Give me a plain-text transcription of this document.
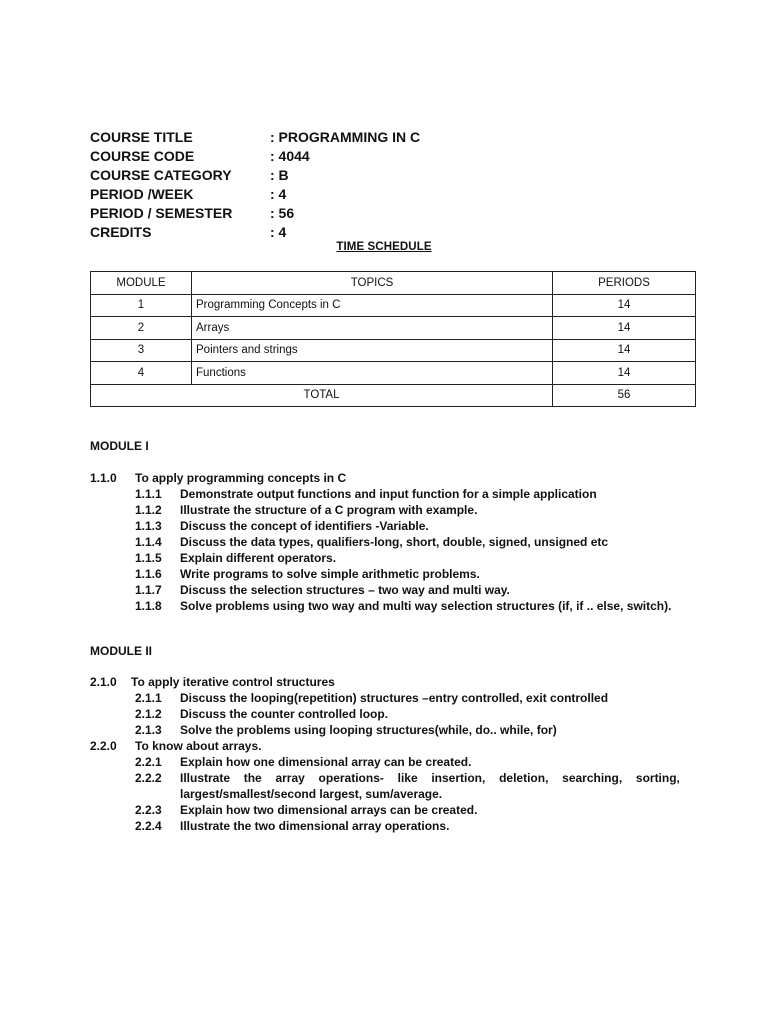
COURSE TITLE	: PROGRAMMING IN C
COURSE CODE	: 4044
COURSE CATEGORY	: B
PERIOD /WEEK	: 4
PERIOD / SEMESTER	: 56
CREDITS	: 4
TIME SCHEDULE
MODULE	TOPICS	PERIODS
1	Programming Concepts in C	14
2	Arrays	14
3	Pointers and strings	14
4	Functions	14
TOTAL		56
MODULE I
1.1.0 To apply programming concepts in C
1.1.1 Demonstrate output functions and input function for a simple application
1.1.2 Illustrate the structure of a C program with example.
1.1.3 Discuss the concept of identifiers -Variable.
1.1.4 Discuss the data types, qualifiers-long, short, double, signed, unsigned etc
1.1.5 Explain different operators.
1.1.6 Write programs to solve simple arithmetic problems.
1.1.7 Discuss the selection structures – two way and multi way.
1.1.8 Solve problems using two way and multi way selection structures (if, if .. else, switch).
MODULE II
2.1.0 To apply iterative control structures
2.1.1 Discuss the looping(repetition) structures –entry controlled, exit controlled
2.1.2 Discuss the counter controlled loop.
2.1.3 Solve the problems using looping structures(while, do.. while, for)
2.2.0 To know about arrays.
2.2.1 Explain how one dimensional array can be created.
2.2.2	Illustrate the array operations- like insertion, deletion, searching, sorting,
largest/smallest/second largest, sum/average.
2.2.3 Explain how two dimensional arrays can be created.
2.2.4 Illustrate the two dimensional array operations.
